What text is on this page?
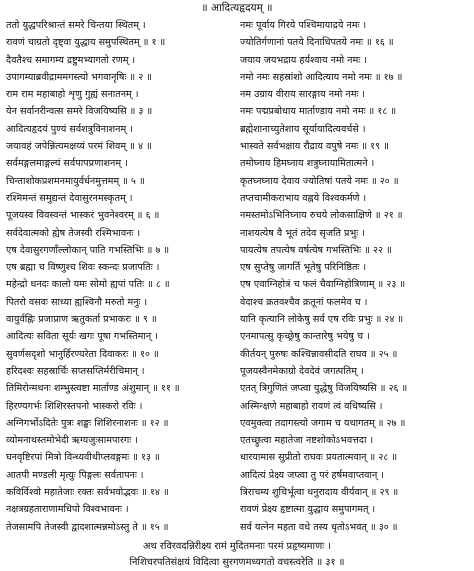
॥ आदित्यहृदयम् ॥
ततो युद्धपरिश्रान्तं समरे चिन्तया स्थितम् ।
रावणं चाग्रतो दृष्ट्वा युद्धाय समुपस्थितम् ॥ १ ॥
दैवतैश्च समागम्य द्रष्टुमभ्यागतो रणम् ।
उपागम्याब्रवीद्राममगस्त्यो भगवानृषिः ॥ २ ॥
राम राम महाबाहो शृणु गुह्यं सनातनम् ।
येन सर्वानरीन्वत्स समरे विजयिष्यसि ॥ ३ ॥
आदित्यहृदयं पुण्यं सर्वशत्रुविनाशनम् ।
जयावहं जपेन्नित्यमक्षय्यं परमं शिवम् ॥ ४ ॥
सर्वमङ्गलमाङ्गल्यं सर्वपापप्रणाशनम् ।
चिन्ताशोकप्रशमनमायुर्वर्धनमुत्तमम् ॥ ५ ॥
रश्मिमन्तं समुद्यन्तं देवासुरनमस्कृतम् ।
पूजयस्व विवस्वन्तं भास्करं भुवनेश्वरम् ॥ ६ ॥
सर्वदेवात्मको ह्येष तेजस्वी रश्मिभावनः ।
एष देवासुरगणाँल्लोकान् पाति गभस्तिभिः ॥ ७ ॥
एष ब्रह्मा च विष्णुश्च शिवः स्कन्दः प्रजापतिः ।
महेन्द्रो धनदः कालो यमः सोमो ह्यपां पतिः ॥ ८ ॥
पितरो वसवः साध्या ह्यश्विनौ मरुतो मनुः ।
वायुर्वह्निः प्रजाप्राण ऋतुकर्ता प्रभाकरः ॥ ९ ॥
आदित्यः सविता सूर्यः खगः पूषा गभस्तिमान् ।
सुवर्णसदृशो भानुर्हिरण्यरेता दिवाकरः ॥ १० ॥
हरिदश्वः सहस्रार्चिः सप्तसप्तिर्मरीचिमान् ।
तिमिरोन्मथनः शम्भुस्त्वष्टा मार्ताण्ड अंशुमान् ॥ ११ ॥
हिरण्यगर्भः शिशिरस्तपनो भास्करो रविः ।
अग्निगर्भोऽदितेः पुत्रः शङ्खः शिशिरनाशनः ॥ १२ ॥
व्योमनाथस्तमोभेदी ऋग्यजुःसामपारगः ।
घनवृष्टिरपां मित्रो विन्ध्यवीथीप्लवङ्गमः ॥ १३ ॥
आतपी मण्डली मृत्युः पिङ्गलः सर्वतापनः ।
कविर्विश्वो महातेजाः रक्तः सर्वभवोद्भवः ॥ १४ ॥
नक्षत्रग्रहताराणामधिपो विश्वभावनः ।
तेजसामपि तेजस्वी द्वादशात्मन्नमोऽस्तु ते ॥ १५ ॥
नमः पूर्वाय गिरये पश्चिमायाद्रये नमः ।
ज्योतिर्गणानां पतये दिनाधिपतये नमः ॥ १६ ॥
जयाय जयभद्राय हर्यश्वाय नमो नमः ।
नमो नमः सहस्रांशो आदित्याय नमो नमः ॥ १७ ॥
नम उग्राय वीराय सारङ्गाय नमो नमः ।
नमः पद्मप्रबोधाय मार्ताण्डाय नमो नमः ॥ १८ ॥
ब्रह्मेशानाच्युतेशाय सूर्यायादित्यवर्चसे ।
भास्वते सर्वभक्षाय रौद्राय वपुषे नमः ॥ १९ ॥
तमोघ्नाय हिमघ्नाय शत्रुघ्नायामितात्मने ।
कृतघ्नघ्नाय देवाय ज्योतिषां पतये नमः ॥ २० ॥
तप्तचामीकराभाय वह्नये विश्वकर्मणे ।
नमस्तमोऽभिनिघ्नाय रुचये लोकसाक्षिणे ॥ २१ ॥
नाशयत्येष वै भूतं तदेव सृजति प्रभुः ।
पायत्येष तपत्येष वर्षत्येष गभस्तिभिः ॥ २२ ॥
एष सुप्तेषु जागर्ति भूतेषु परिनिष्ठितः ।
एष एवाग्निहोत्रं च फलं चैवाग्निहोत्रिणाम् ॥ २३ ॥
वेदाश्च क्रतवश्चैव क्रतूनां फलमेव च ।
यानि कृत्यानि लोकेषु सर्व एष रविः प्रभुः ॥ २४ ॥
एनमापत्सु कृच्छ्रेषु कान्तारेषु भयेषु च ।
कीर्तयन् पुरुषः कश्चिन्नावसीदति राघव ॥ २५ ॥
पूजयस्वैनमेकाग्रो देवदेवं जगत्पतिम् ।
एतत् त्रिगुणितं जप्त्वा युद्धेषु विजयिष्यसि ॥ २६ ॥
अस्मिन्क्षणे महाबाहो रावणं त्वं वधिष्यसि ।
एवमुक्त्वा तदागस्त्यो जगाम च यथागतम् ॥ २७ ॥
एतच्छ्रुत्वा महातेजा नष्टशोकोऽभवत्तदा ।
धारयामास सुप्रीतो राघवः प्रयतात्मवान् ॥ २८ ॥
आदित्यं प्रेक्ष्य जप्त्वा तु परं हर्षमवाप्तवान् ।
त्रिराचम्य शुचिर्भूत्वा धनुरादाय वीर्यवान् ॥ २९ ॥
रावणं प्रेक्ष्य हृष्टात्मा युद्धाय समुपागमत् ।
सर्व यत्नेन महता वधे तस्य धृतोऽभवत् ॥ ३० ॥
अथ रविरवदन्निरीक्ष्य रामं मुदितमनाः परमं प्रहृष्यमाणः ।
निशिचरपतिसंक्षयं विदित्वा सुरगणमध्यगतो वचस्त्वरेति ॥ ३१ ॥
